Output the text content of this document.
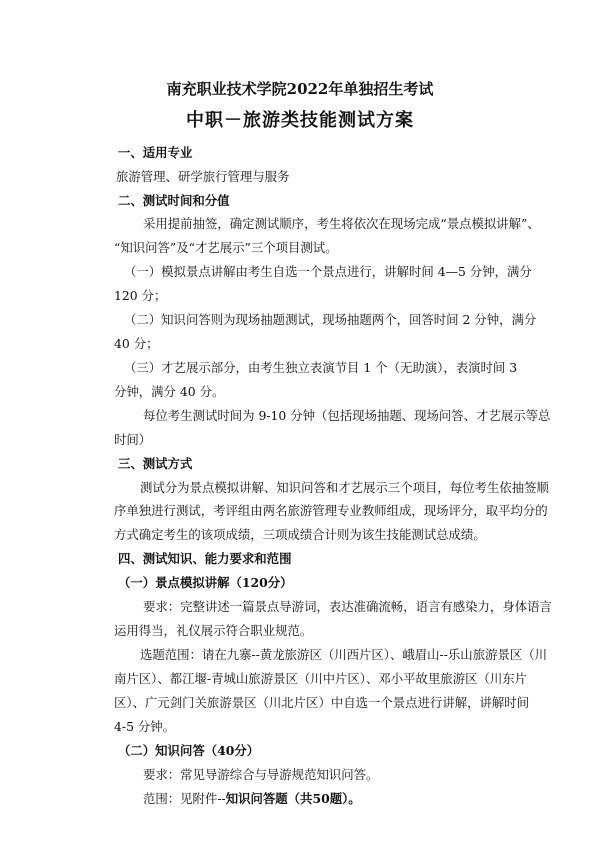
南充职业技术学院2022年单独招生考试
中职－旅游类技能测试方案
一、适用专业
旅游管理、研学旅行管理与服务
二、测试时间和分值
采用提前抽签，确定测试顺序，考生将依次在现场完成“景点模拟讲解”、
“知识问答”及“才艺展示”三个项目测试。
（一）模拟景点讲解由考生自选一个景点进行，讲解时间 4—5 分钟，满分
120 分；
（二）知识问答则为现场抽题测试，现场抽题两个，回答时间 2 分钟，满分
40 分；
（三）才艺展示部分，由考生独立表演节目 1 个（无助演），表演时间 3
分钟，满分 40 分。
每位考生测试时间为 9-10 分钟（包括现场抽题、现场问答、才艺展示等总
时间）
三、测试方式
测试分为景点模拟讲解、知识问答和才艺展示三个项目，每位考生依抽签顺
序单独进行测试，考评组由两名旅游管理专业教师组成，现场评分，取平均分的
方式确定考生的该项成绩，三项成绩合计则为该生技能测试总成绩。
四、测试知识、能力要求和范围
（一）景点模拟讲解（120分）
要求：完整讲述一篇景点导游词，表达准确流畅，语言有感染力，身体语言
运用得当，礼仪展示符合职业规范。
选题范围：请在九寨--黄龙旅游区（川西片区）、峨眉山--乐山旅游景区（川
南片区）、都江堰-青城山旅游景区（川中片区）、邓小平故里旅游区（川东片
区）、广元剑门关旅游景区（川北片区）中自选一个景点进行讲解，讲解时间
4-5 分钟。
（二）知识问答（40分）
要求：常见导游综合与导游规范知识问答。
范围：见附件--知识问答题（共50题）。
